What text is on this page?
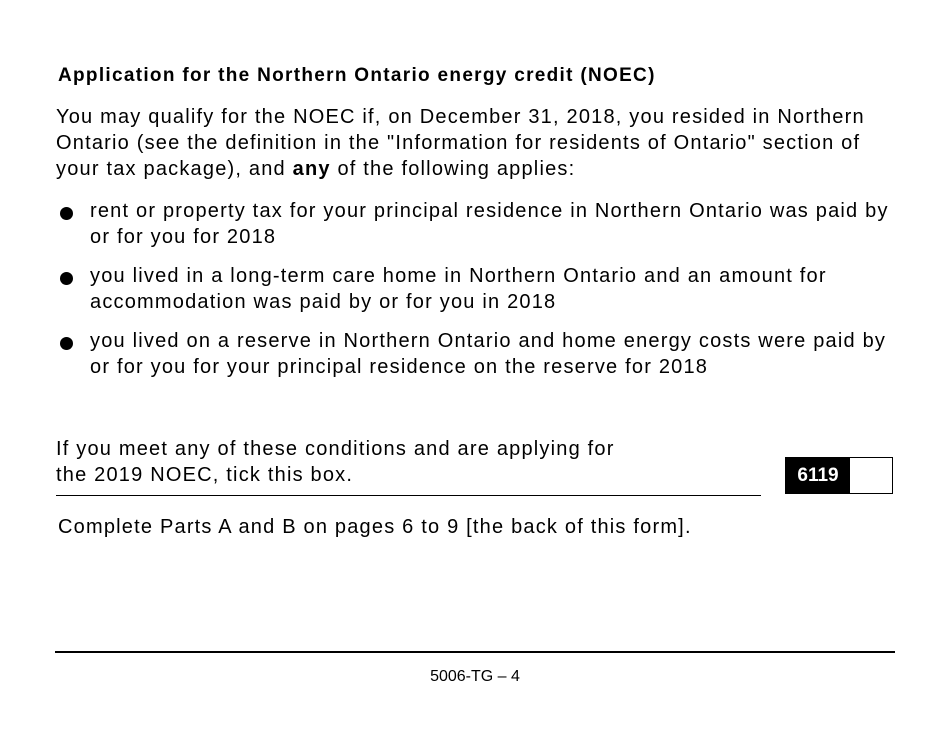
Application for the Northern Ontario energy credit (NOEC)
You may qualify for the NOEC if, on December 31, 2018, you resided in Northern Ontario (see the definition in the "Information for residents of Ontario" section of your tax package), and any of the following applies:
rent or property tax for your principal residence in Northern Ontario was paid by or for you for 2018
you lived in a long-term care home in Northern Ontario and an amount for accommodation was paid by or for you in 2018
you lived on a reserve in Northern Ontario and home energy costs were paid by or for you for your principal residence on the reserve for 2018
If you meet any of these conditions and are applying for
the 2019 NOEC, tick this box.	6119
Complete Parts A and B on pages 6 to 9 [the back of this form].
5006-TG – 4
